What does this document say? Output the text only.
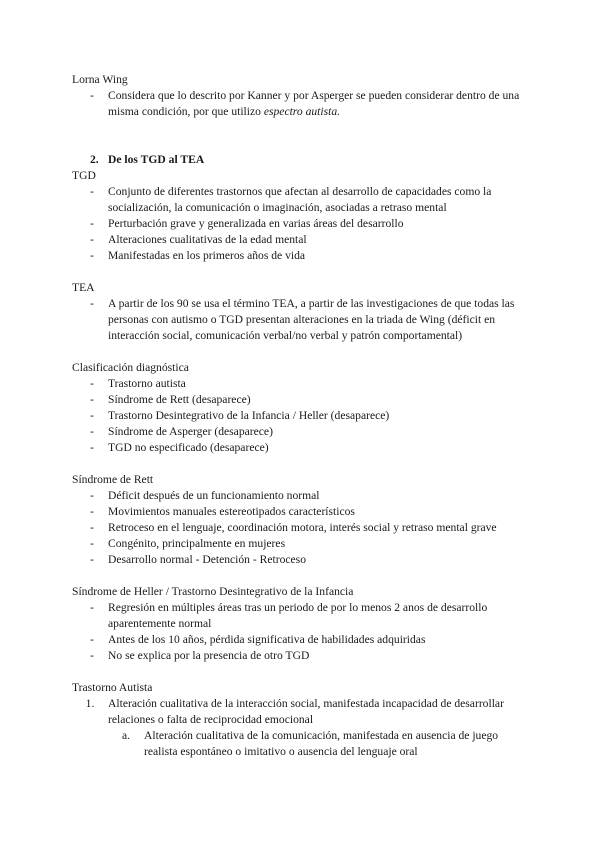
Lorna Wing
- Considera que lo descrito por Kanner y por Asperger se pueden considerar dentro de una misma condición, por que utilizo espectro autista.
2. De los TGD al TEA
TGD
- Conjunto de diferentes trastornos que afectan al desarrollo de capacidades como la socialización, la comunicación o imaginación, asociadas a retraso mental
- Perturbación grave y generalizada en varias áreas del desarrollo
- Alteraciones cualitativas de la edad mental
- Manifestadas en los primeros años de vida
TEA
- A partir de los 90 se usa el término TEA, a partir de las investigaciones de que todas las personas con autismo o TGD presentan alteraciones en la triada de Wing (déficit en interacción social, comunicación verbal/no verbal y patrón comportamental)
Clasificación diagnóstica
- Trastorno autista
- Síndrome de Rett (desaparece)
- Trastorno Desintegrativo de la Infancia / Heller (desaparece)
- Síndrome de Asperger (desaparece)
- TGD no especificado (desaparece)
Síndrome de Rett
- Déficit después de un funcionamiento normal
- Movimientos manuales estereotipados característicos
- Retroceso en el lenguaje, coordinación motora, interés social y retraso mental grave
- Congénito, principalmente en mujeres
- Desarrollo normal - Detención - Retroceso
Síndrome de Heller / Trastorno Desintegrativo de la Infancia
- Regresión en múltiples áreas tras un periodo de por lo menos 2 anos de desarrollo aparentemente normal
- Antes de los 10 años, pérdida significativa de habilidades adquiridas
- No se explica por la presencia de otro TGD
Trastorno Autista
1.	Alteración cualitativa de la interacción social, manifestada incapacidad de desarrollar relaciones o falta de reciprocidad emocional
a.	Alteración cualitativa de la comunicación, manifestada en ausencia de juego realista espontáneo o imitativo o ausencia del lenguaje oral
